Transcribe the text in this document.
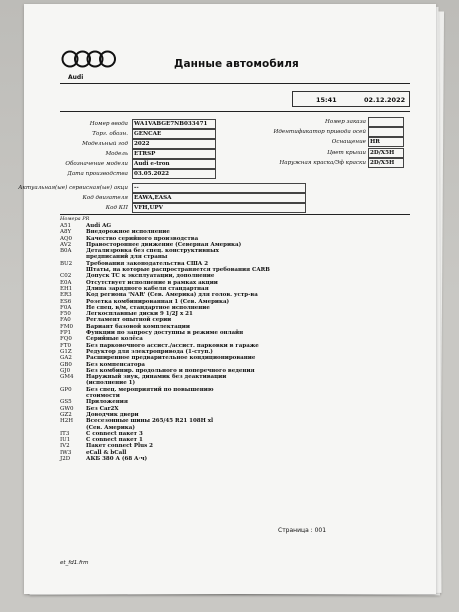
Audi
Данные автомобиля
15:41	02.12.2022
Номер ввода WA1VABGE7NB033471
Торг. обозн. GENCAE
Модельный год 2022
Модель ETRSP
Обозначение модели Audi e-tron
Дата производства 03.05.2022
Номер заказа
Идентификатор привода осей
Оснащение HR
Цвет крыши 2D/X5H
Наружная краска/Эф краски 2D/X5H
Актуальная(ые) сервисная(ые) акци --
Код двигателя EAWA,EASA
Код КП VFH,UPV
Номера PR
A51	Audi AG
A8Y	Внедорожное исполнение
AQ0	Качество серийного производства
AV2	Правостороннее движение (Северная Америка)
B0A	Детализровка без спец. конструктивных
предписаний для страны
BU2	Требования законодательства США 2
Штаты, на которые распространяется требования CARB
C02	Допуск ТС к эксплуатации, дополнение
E0A	Отсутствует исполнение в рамках акции
EH1	Длина зарядного кабеля стандартная
ER3	Код региона 'NAR' (Сев. Америка) для голов. устр-ва
ES6	Розетка комбинированная 1 (Сев. Америка)
F0A	Не спец. в/м, стандартное исполнение
F50	Легкосплавные диски 9 1/2J x 21
FA0	Регламент опытной серии
FM0	Вариант базовой комплектации
FP1	Функции по запросу доступны в режиме онлайн
FQ0	Серийные колёса
FT0	Без парковочного ассист./ассист. парковки в гараже
G1Z	Редуктор для электропривода (1-ступ.)
GA2	Расширенное предварительное кондиционирование
GB0	Без компенсатора
GJ0	Без комбинир. продольного и поперечного ведения
GM4	Наружный звук, динамик без деактивации
(исполнение 1)
GP0	Без спец. мероприятий по повышению
стоимости
GS5	Приложения
GW0	Без Car2X
GZ2	Доводчик двери
H2H	Всесезонные шины 265/45 R21 108H xl
(Сев. Америка)
IT3	C connect пакет 3
IU1	C connect пакет 1
IV2	Пакет connect Plus 2
IW3	eCall & bCall
J2D	АКБ 380 А (68 А·ч)
Страница : 001
et_fd1.frm
